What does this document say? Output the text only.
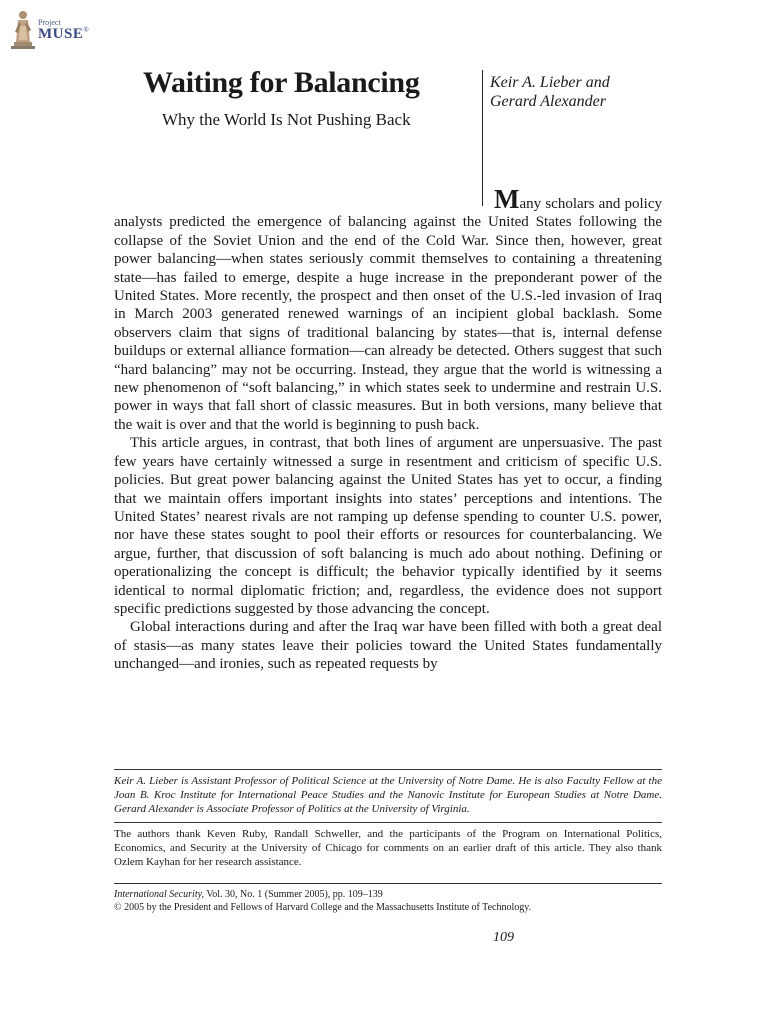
Project
MUSE®
Waiting for Balancing
Why the World Is Not Pushing Back
Keir A. Lieber and
Gerard Alexander

Many scholars and policy analysts predicted the emergence of balancing against the United States following the collapse of the Soviet Union and the end of the Cold War. Since then, however, great power balancing—when states seriously commit themselves to containing a threatening state—has failed to emerge, despite a huge increase in the preponderant power of the United States. More recently, the prospect and then onset of the U.S.-led invasion of Iraq in March 2003 generated renewed warnings of an incipient global backlash. Some observers claim that signs of traditional balancing by states—that is, internal defense buildups or external alliance formation—can already be detected. Others suggest that such “hard balancing” may not be occurring. Instead, they argue that the world is witnessing a new phenomenon of “soft balancing,” in which states seek to undermine and restrain U.S. power in ways that fall short of classic measures. But in both versions, many believe that the wait is over and that the world is beginning to push back.

This article argues, in contrast, that both lines of argument are unpersuasive. The past few years have certainly witnessed a surge in resentment and criticism of specific U.S. policies. But great power balancing against the United States has yet to occur, a finding that we maintain offers important insights into states’ perceptions and intentions. The United States’ nearest rivals are not ramping up defense spending to counter U.S. power, nor have these states sought to pool their efforts or resources for counterbalancing. We argue, further, that discussion of soft balancing is much ado about nothing. Defining or operationalizing the concept is difficult; the behavior typically identified by it seems identical to normal diplomatic friction; and, regardless, the evidence does not support specific predictions suggested by those advancing the concept.

Global interactions during and after the Iraq war have been filled with both a great deal of stasis—as many states leave their policies toward the United States fundamentally unchanged—and ironies, such as repeated requests by

Keir A. Lieber is Assistant Professor of Political Science at the University of Notre Dame. He is also Faculty Fellow at the Joan B. Kroc Institute for International Peace Studies and the Nanovic Institute for European Studies at Notre Dame. Gerard Alexander is Associate Professor of Politics at the University of Virginia.
The authors thank Keven Ruby, Randall Schweller, and the participants of the Program on International Politics, Economics, and Security at the University of Chicago for comments on an earlier draft of this article. They also thank Ozlem Kayhan for her research assistance.
International Security, Vol. 30, No. 1 (Summer 2005), pp. 109–139
© 2005 by the President and Fellows of Harvard College and the Massachusetts Institute of Technology.
109
